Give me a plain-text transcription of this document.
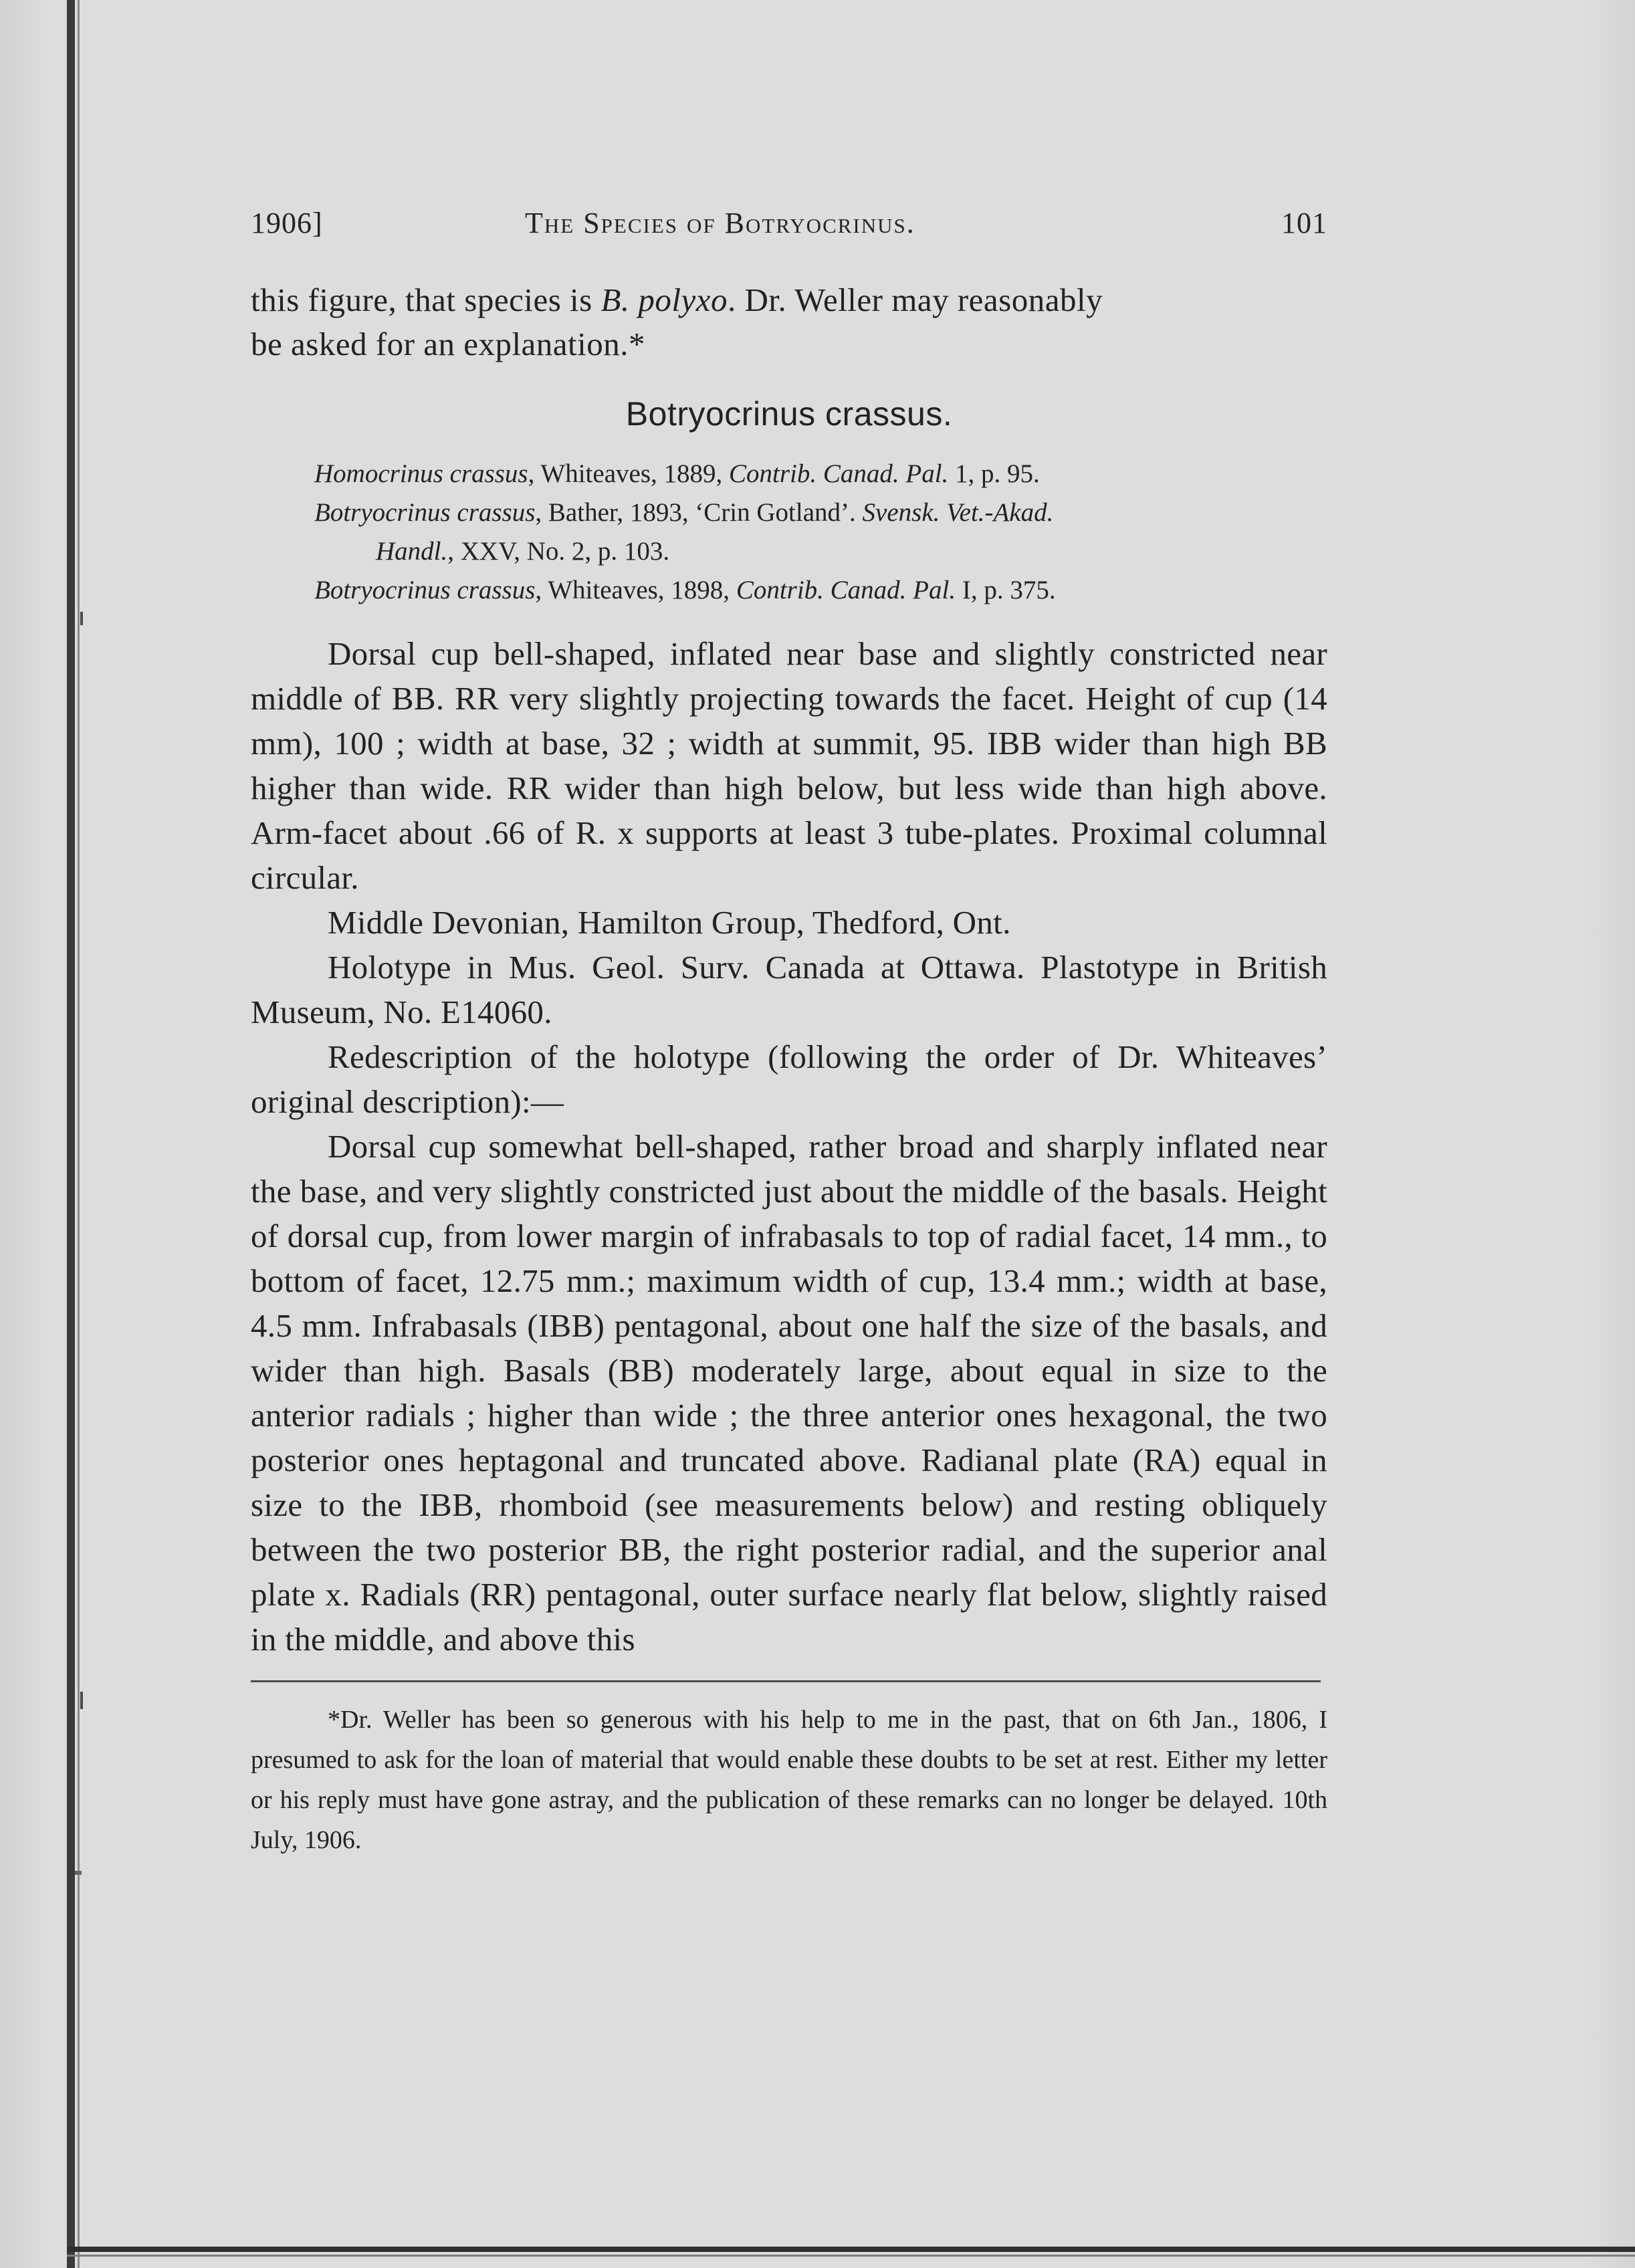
1906]	The Species of Botryocrinus.	101
this figure, that species is B. polyxo. Dr. Weller may reasonably
be asked for an explanation.*
Botryocrinus crassus.
Homocrinus crassus, Whiteaves, 1889, Contrib. Canad. Pal. 1, p. 95.
Botryocrinus crassus, Bather, 1893, ‘Crin Gotland’. Svensk. Vet.-Akad.
Handl., XXV, No. 2, p. 103.
Botryocrinus crassus, Whiteaves, 1898, Contrib. Canad. Pal. I, p. 375.

Dorsal cup bell-shaped, inflated near base and slightly constricted near middle of BB. RR very slightly projecting towards the facet. Height of cup (14 mm), 100 ; width at base, 32 ; width at summit, 95. IBB wider than high BB higher than wide. RR wider than high below, but less wide than high above. Arm-facet about .66 of R. x supports at least 3 tube-plates. Proximal columnal circular.

Middle Devonian, Hamilton Group, Thedford, Ont.

Holotype in Mus. Geol. Surv. Canada at Ottawa. Plastotype in British Museum, No. E14060.

Redescription of the holotype (following the order of Dr. Whiteaves’ original description):—

Dorsal cup somewhat bell-shaped, rather broad and sharply inflated near the base, and very slightly constricted just about the middle of the basals. Height of dorsal cup, from lower margin of infrabasals to top of radial facet, 14 mm., to bottom of facet, 12.75 mm.; maximum width of cup, 13.4 mm.; width at base, 4.5 mm. Infrabasals (IBB) pentagonal, about one half the size of the basals, and wider than high. Basals (BB) moderately large, about equal in size to the anterior radials ; higher than wide ; the three anterior ones hexagonal, the two posterior ones heptagonal and truncated above. Radianal plate (RA) equal in size to the IBB, rhomboid (see measurements below) and resting obliquely between the two posterior BB, the right posterior radial, and the superior anal plate x. Radials (RR) pentagonal, outer surface nearly flat below, slightly raised in the middle, and above this

*Dr. Weller has been so generous with his help to me in the past, that on 6th Jan., 1806, I presumed to ask for the loan of material that would enable these doubts to be set at rest. Either my letter or his reply must have gone astray, and the publication of these remarks can no longer be delayed. 10th July, 1906.
